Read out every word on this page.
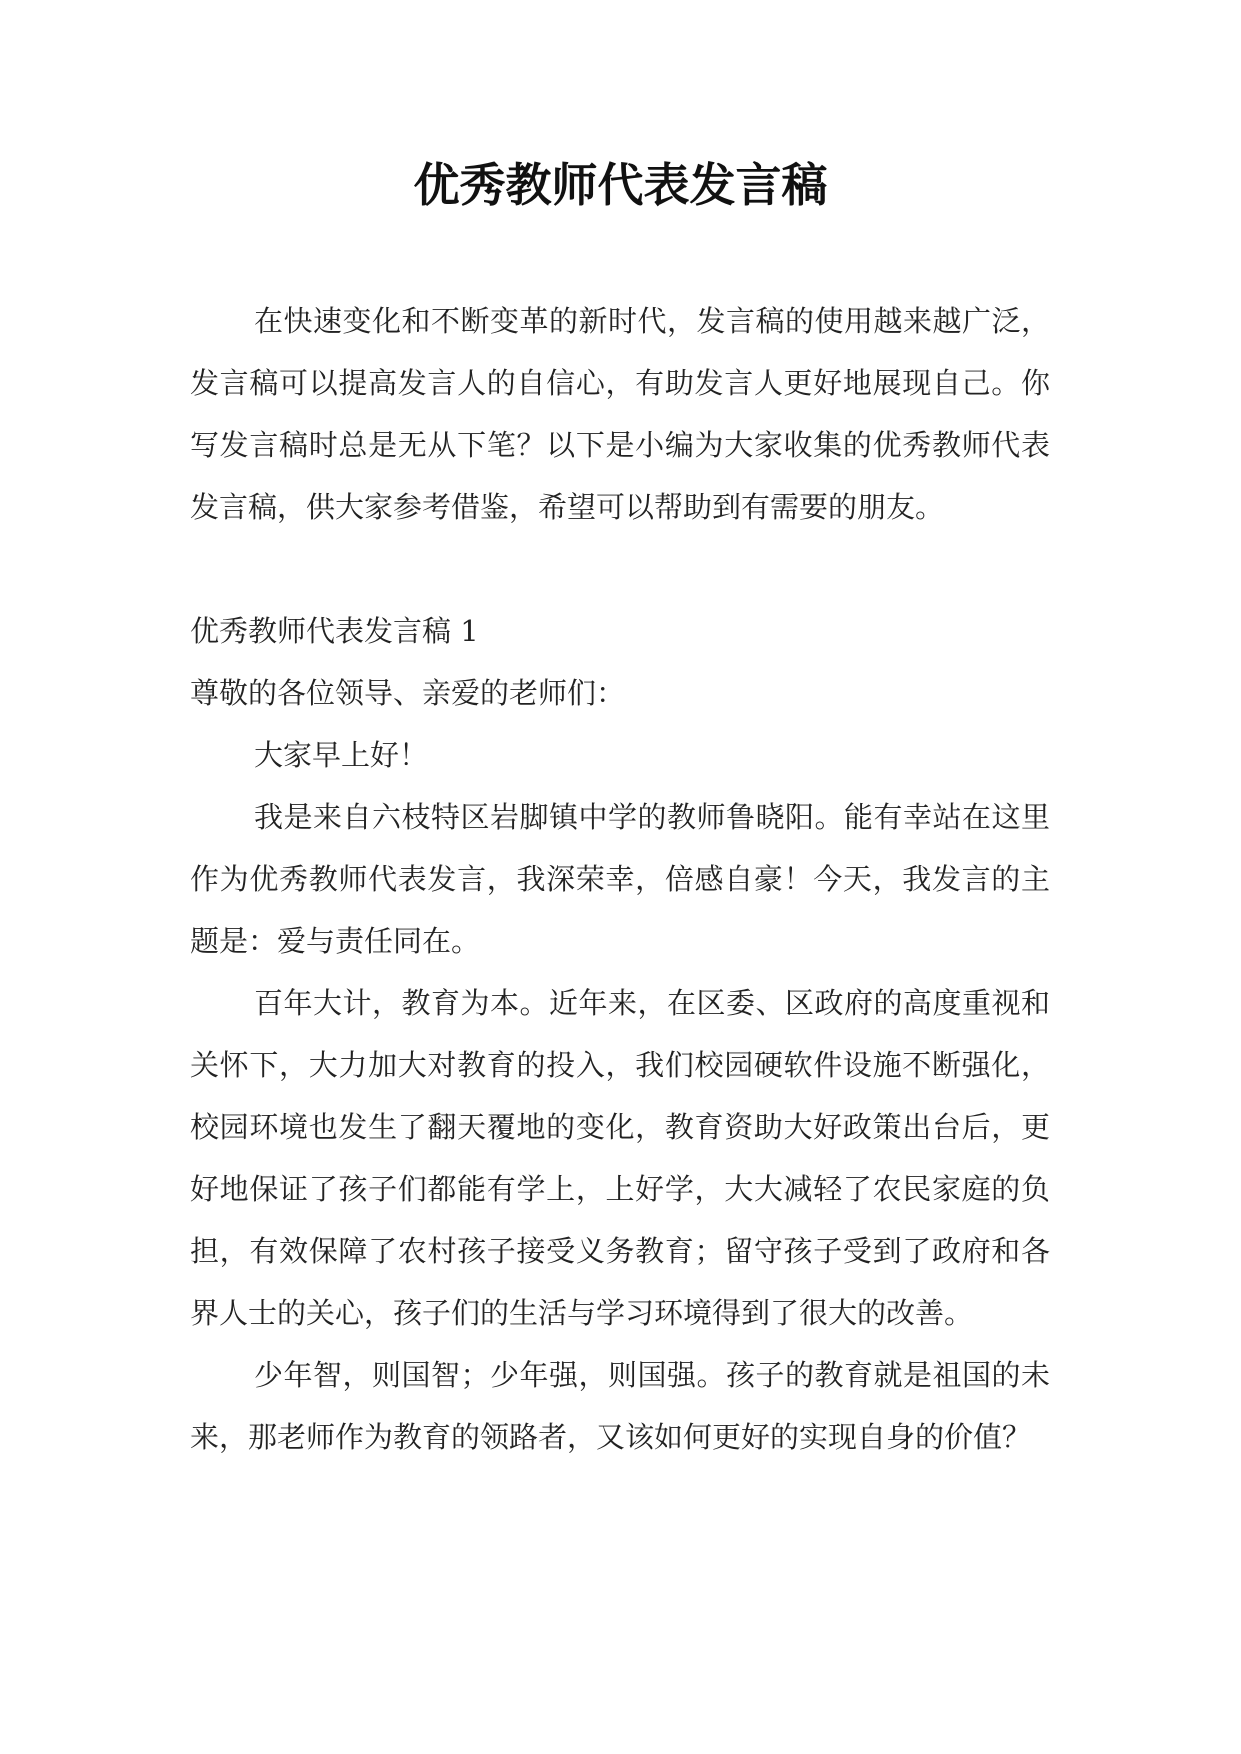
优秀教师代表发言稿

在快速变化和不断变革的新时代，发言稿的使用越来越广泛，发言稿可以提高发言人的自信心，有助发言人更好地展现自己。你写发言稿时总是无从下笔？以下是小编为大家收集的优秀教师代表发言稿，供大家参考借鉴，希望可以帮助到有需要的朋友。

优秀教师代表发言稿 1

尊敬的各位领导、亲爱的老师们：

大家早上好！

我是来自六枝特区岩脚镇中学的教师鲁晓阳。能有幸站在这里作为优秀教师代表发言，我深荣幸，倍感自豪！今天，我发言的主题是：爱与责任同在。

百年大计，教育为本。近年来，在区委、区政府的高度重视和关怀下，大力加大对教育的投入，我们校园硬软件设施不断强化，校园环境也发生了翻天覆地的变化，教育资助大好政策出台后，更好地保证了孩子们都能有学上，上好学，大大减轻了农民家庭的负担，有效保障了农村孩子接受义务教育；留守孩子受到了政府和各界人士的关心，孩子们的生活与学习环境得到了很大的改善。

少年智，则国智；少年强，则国强。孩子的教育就是祖国的未来，那老师作为教育的领路者，又该如何更好的实现自身的价值？
